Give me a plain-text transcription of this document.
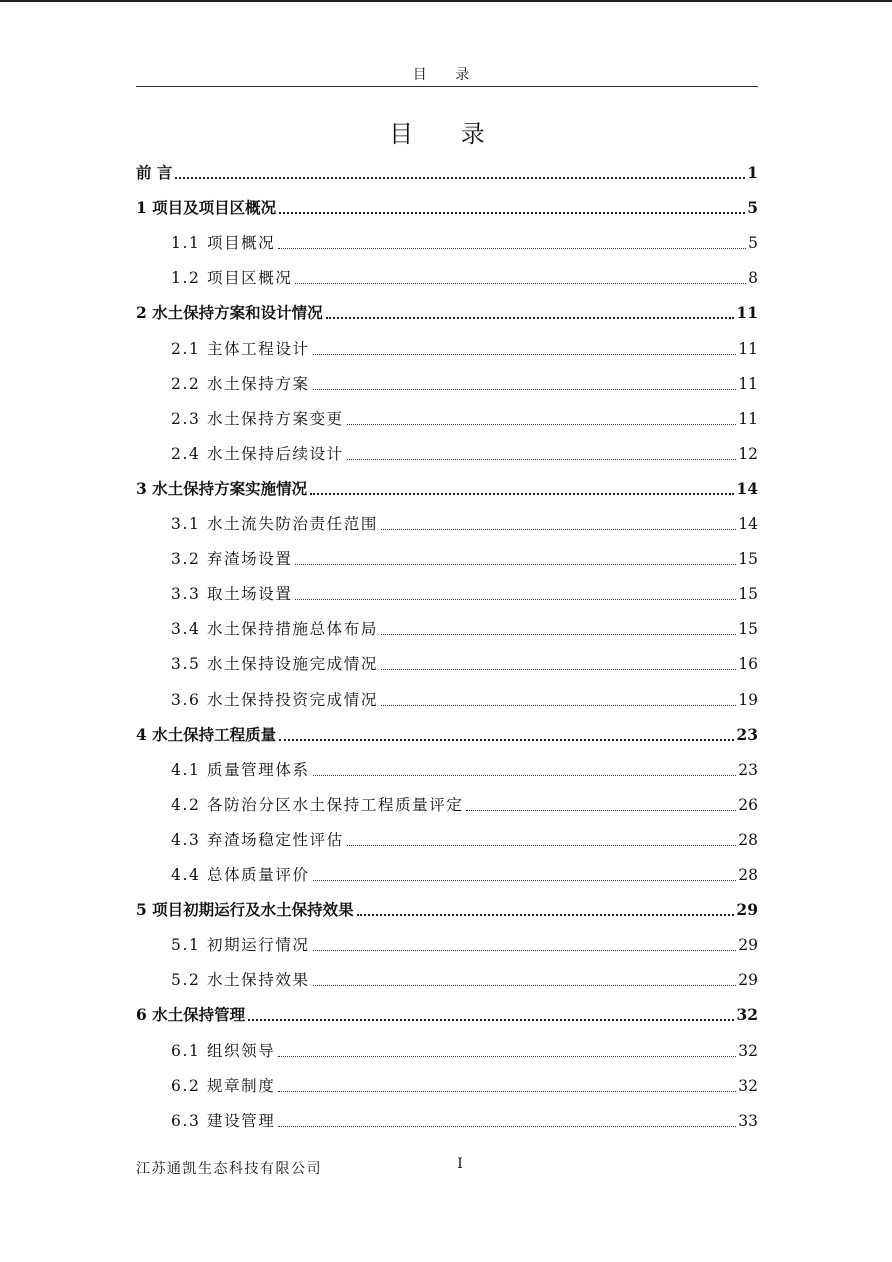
目 录
目 录
前 言	1
1 项目及项目区概况	5
1.1 项目概况	5
1.2 项目区概况	8
2 水土保持方案和设计情况	11
2.1 主体工程设计	11
2.2 水土保持方案	11
2.3 水土保持方案变更	11
2.4 水土保持后续设计	12
3 水土保持方案实施情况	14
3.1 水土流失防治责任范围	14
3.2 弃渣场设置	15
3.3 取土场设置	15
3.4 水土保持措施总体布局	15
3.5 水土保持设施完成情况	16
3.6 水土保持投资完成情况	19
4 水土保持工程质量	23
4.1 质量管理体系	23
4.2 各防治分区水土保持工程质量评定	26
4.3 弃渣场稳定性评估	28
4.4 总体质量评价	28
5 项目初期运行及水土保持效果	29
5.1 初期运行情况	29
5.2 水土保持效果	29
6 水土保持管理	32
6.1 组织领导	32
6.2 规章制度	32
6.3 建设管理	33
江苏通凯生态科技有限公司	I
